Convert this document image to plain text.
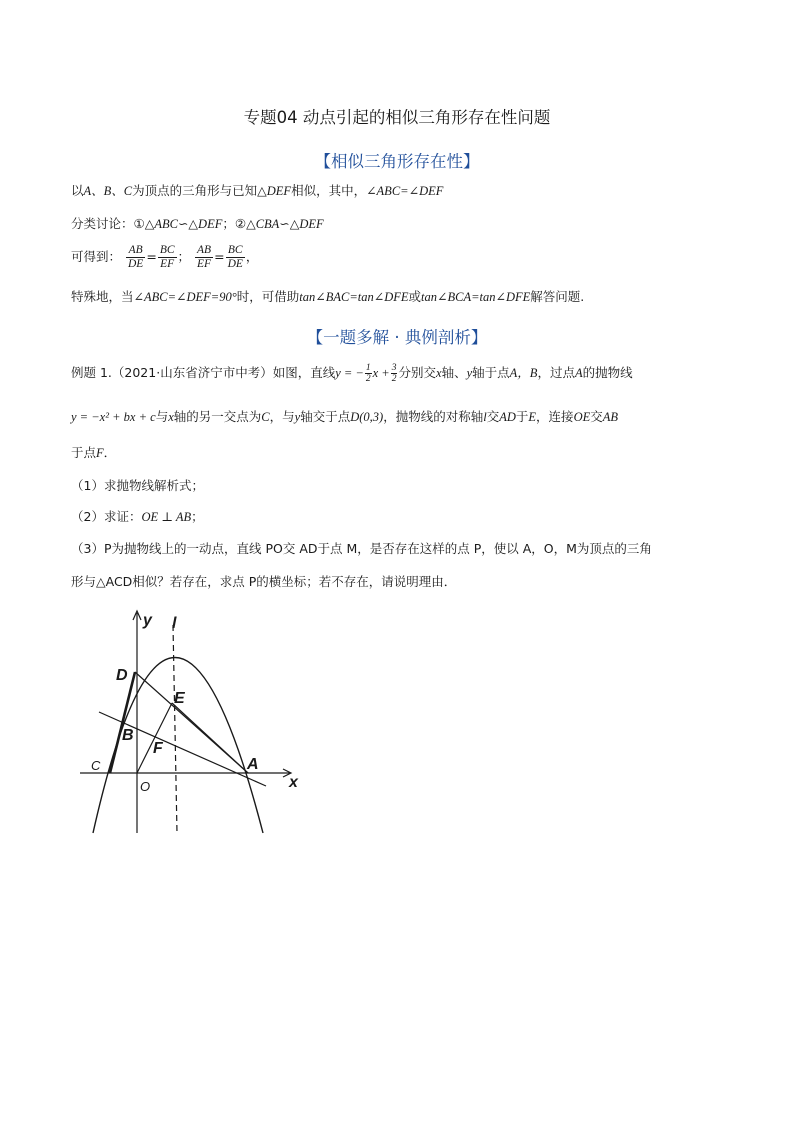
专题04 动点引起的相似三角形存在性问题
【相似三角形存在性】
以A、B、C为顶点的三角形与已知△DEF相似，其中，∠ABC=∠DEF
分类讨论：①△ABC∽△DEF；②△CBA∽△DEF
可得到： $\frac{AB}{DE} = \frac{BC}{EF}$ ； $\frac{AB}{EF} = \frac{BC}{DE}$ ，
特殊地，当∠ABC=∠DEF=90°时，可借助tan∠BAC=tan∠DFE或tan∠BCA=tan∠DFE解答问题.
【一题多解 · 典例剖析】
例题 1.（2021·山东省济宁市中考）如图，直线y = − $\frac{1}{2}$ $x + \frac{3}{2}$ 分别交x轴、y轴于点A，B，过点A的抛物线
y = −x² + bx + c与x轴的另一交点为C，与y轴交于点D(0,3)，抛物线的对称轴l交AD于E，连接OE交AB
于点F．
（1）求抛物线解析式；
（2）求证：OE ⊥ AB；
（3）P为抛物线上的一动点，直线 PO交 AD于点 M，是否存在这样的点 P，使以 A，O，M为顶点的三角
形与△ACD相似？若存在，求点 P的横坐标；若不存在，请说明理由．
y l
D
E
B
F
A
x
C
O
